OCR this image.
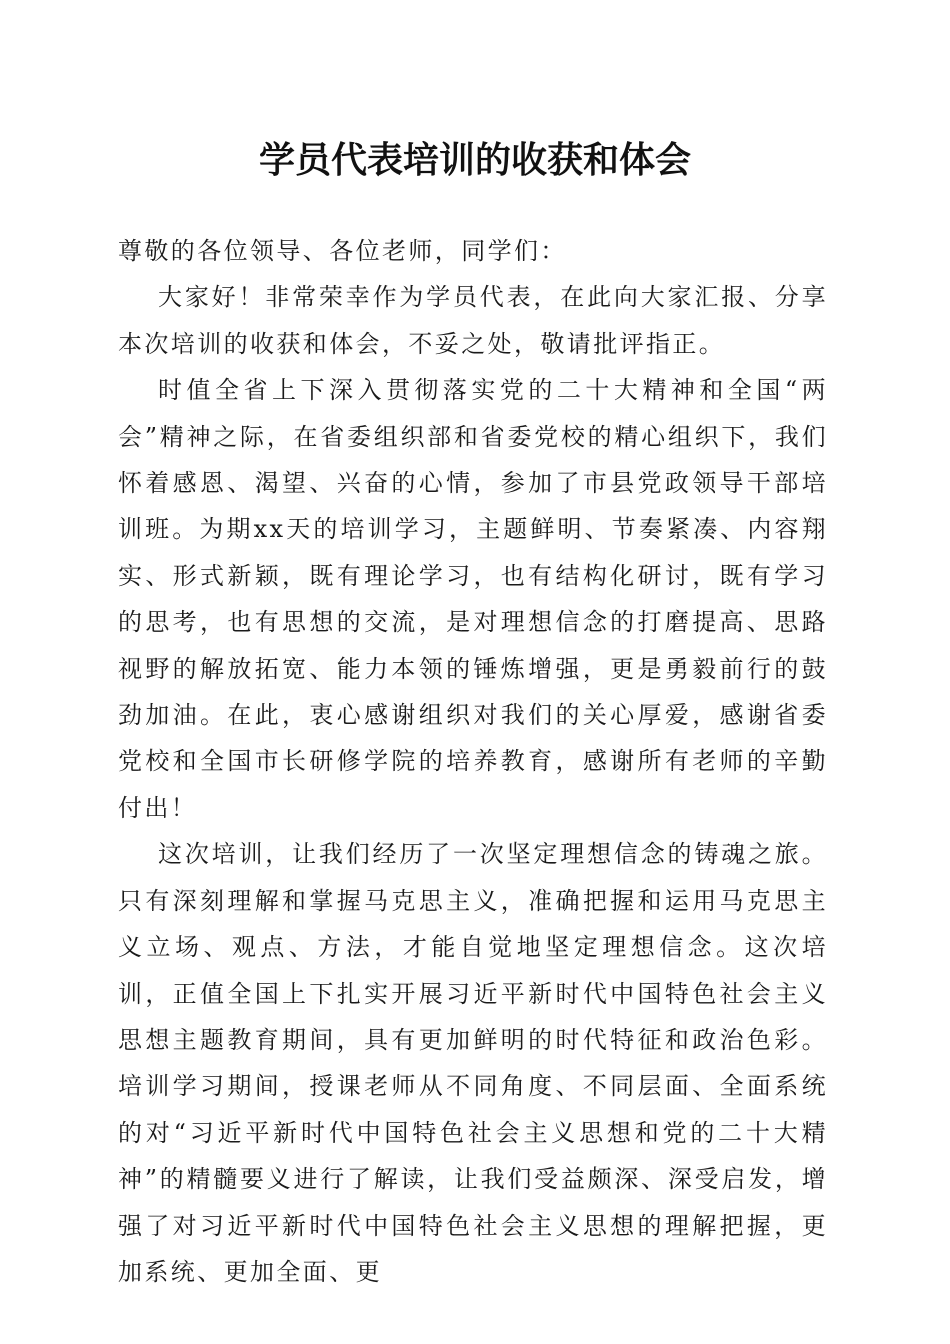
学员代表培训的收获和体会

尊敬的各位领导、各位老师，同学们：

大家好！非常荣幸作为学员代表，在此向大家汇报、分享本次培训的收获和体会，不妥之处，敬请批评指正。

时值全省上下深入贯彻落实党的二十大精神和全国“两会”精神之际，在省委组织部和省委党校的精心组织下，我们怀着感恩、渴望、兴奋的心情，参加了市县党政领导干部培训班。为期xx天的培训学习，主题鲜明、节奏紧凑、内容翔实、形式新颖，既有理论学习，也有结构化研讨，既有学习的思考，也有思想的交流，是对理想信念的打磨提高、思路视野的解放拓宽、能力本领的锤炼增强，更是勇毅前行的鼓劲加油。在此，衷心感谢组织对我们的关心厚爱，感谢省委党校和全国市长研修学院的培养教育，感谢所有老师的辛勤付出！

这次培训，让我们经历了一次坚定理想信念的铸魂之旅。只有深刻理解和掌握马克思主义，准确把握和运用马克思主义立场、观点、方法，才能自觉地坚定理想信念。这次培训，正值全国上下扎实开展习近平新时代中国特色社会主义思想主题教育期间，具有更加鲜明的时代特征和政治色彩。培训学习期间，授课老师从不同角度、不同层面、全面系统的对“习近平新时代中国特色社会主义思想和党的二十大精神”的精髓要义进行了解读，让我们受益颇深、深受启发，增强了对习近平新时代中国特色社会主义思想的理解把握，更加系统、更加全面、更
